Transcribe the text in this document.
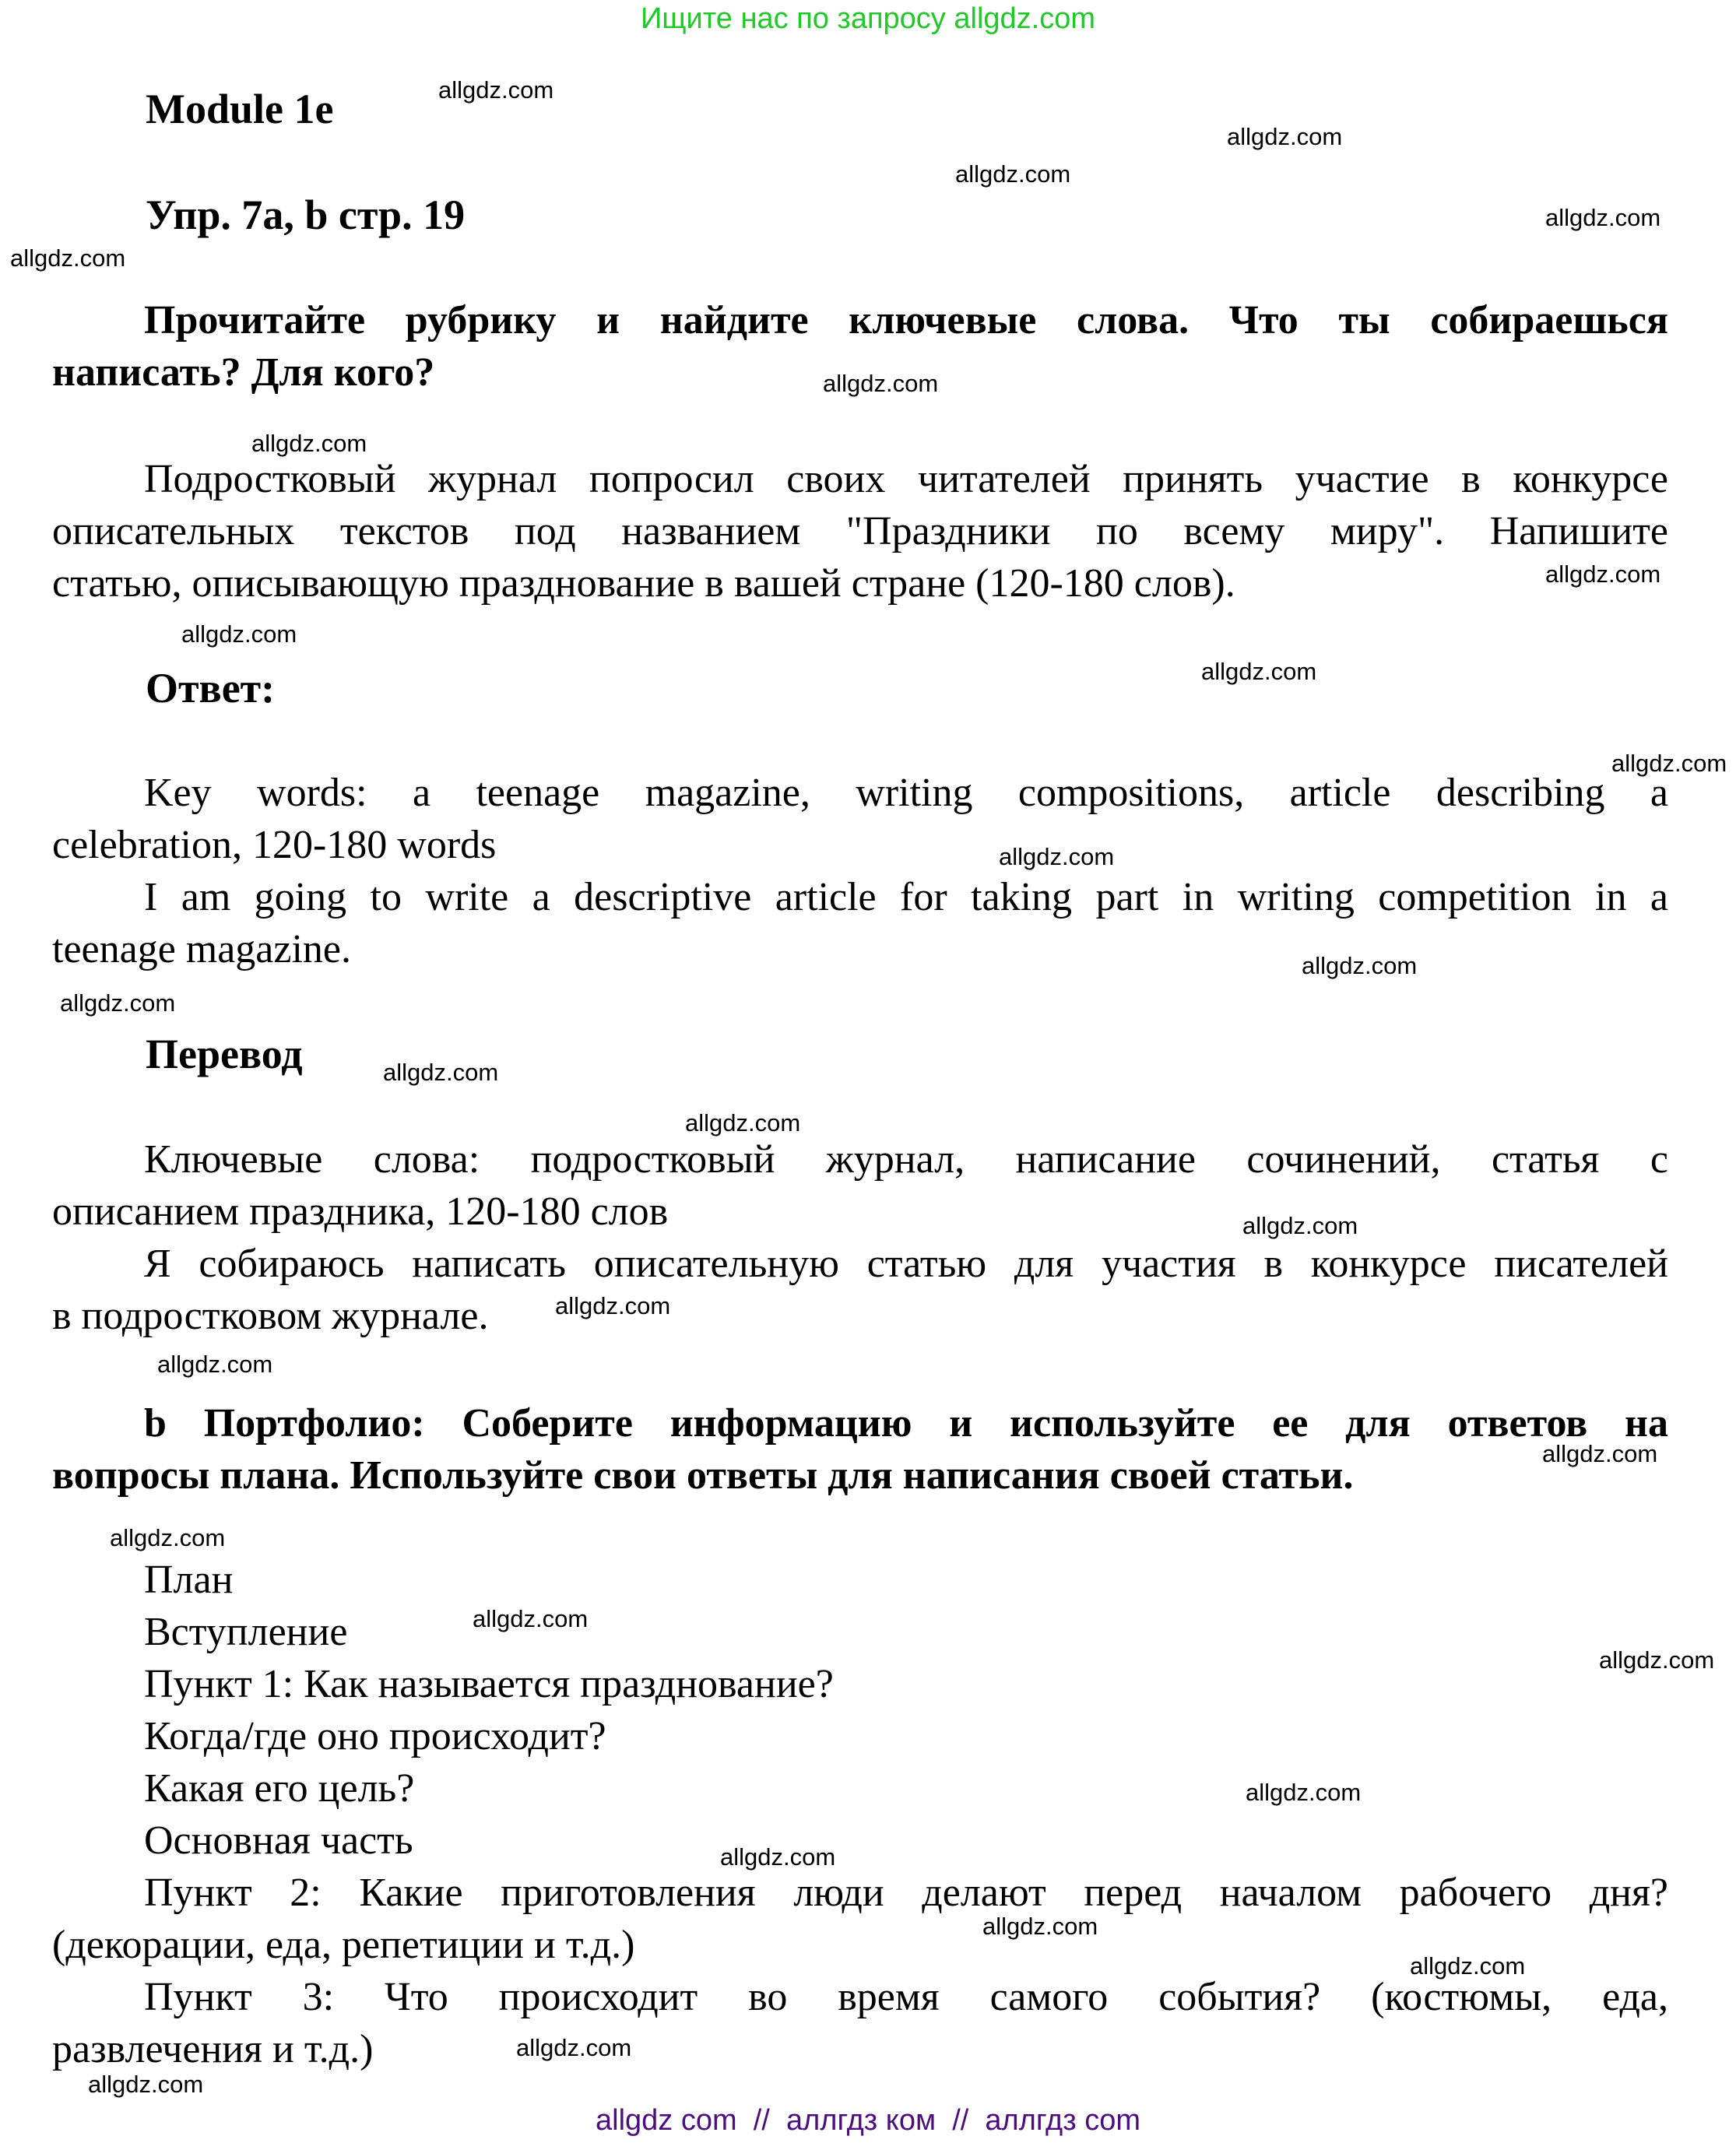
Ищите нас по запросу allgdz.com
Module 1e
Упр. 7a, b стр. 19
Прочитайте рубрику и найдите ключевые слова. Что ты собираешься
написать? Для кого?
Подростковый журнал попросил своих читателей принять участие в конкурсе
описательных текстов под названием "Праздники по всему миру". Напишите
статью, описывающую празднование в вашей стране (120-180 слов).
Ответ:
Key words: a teenage magazine, writing compositions, article describing a
celebration, 120-180 words
I am going to write a descriptive article for taking part in writing competition in a
teenage magazine.
Перевод
Ключевые слова: подростковый журнал, написание сочинений, статья с
описанием праздника, 120-180 слов
Я собираюсь написать описательную статью для участия в конкурсе писателей
в подростковом журнале.
b Портфолио: Соберите информацию и используйте ее для ответов на
вопросы плана. Используйте свои ответы для написания своей статьи.
План
Вступление
Пункт 1: Как называется празднование?
Когда/где оно происходит?
Какая его цель?
Основная часть
Пункт 2: Какие приготовления люди делают перед началом рабочего дня?
(декорации, еда, репетиции и т.д.)
Пункт 3: Что происходит во время самого события? (костюмы, еда,
развлечения и т.д.)
allgdz.com
allgdz.com
allgdz.com
allgdz.com
allgdz.com
allgdz.com
allgdz.com
allgdz.com
allgdz.com
allgdz.com
allgdz.com
allgdz.com
allgdz.com
allgdz.com
allgdz.com
allgdz.com
allgdz.com
allgdz.com
allgdz.com
allgdz.com
allgdz.com
allgdz.com
allgdz.com
allgdz.com
allgdz.com
allgdz.com
allgdz.com
allgdz.com
allgdz.com
allgdz com  //  аллгдз ком  //  аллгдз com
